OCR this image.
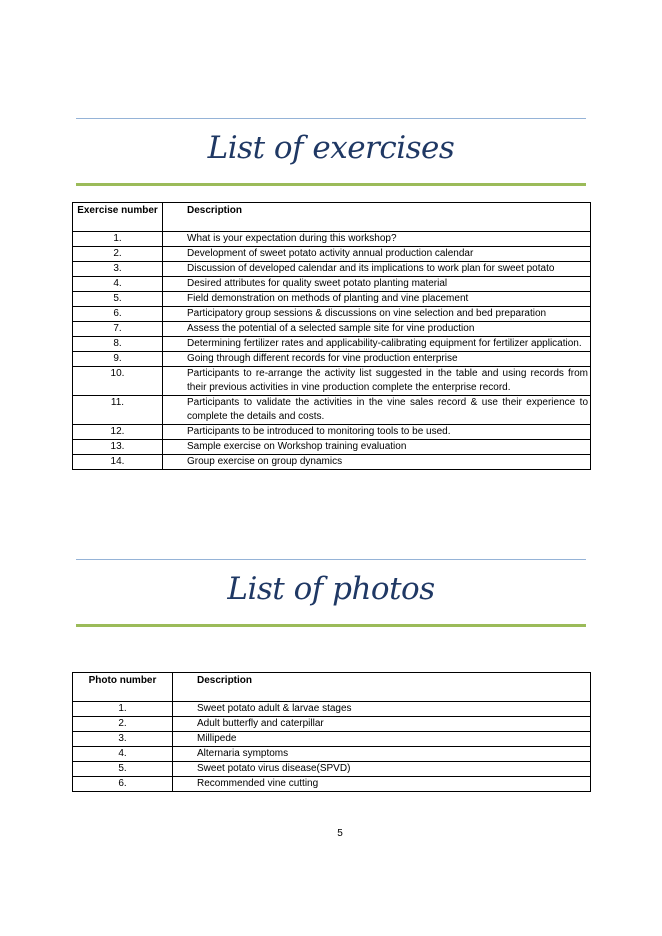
List of exercises
Exercise number	Description
1.	What is your expectation during this workshop?
2.	Development of sweet potato activity annual production calendar
3.	Discussion of developed calendar and its implications to work plan for sweet potato
4.	Desired attributes for quality sweet potato planting material
5.	Field demonstration on methods of planting and vine placement
6.	Participatory group sessions & discussions on vine selection and bed preparation
7.	Assess the potential of a selected sample site for vine production
8.	Determining fertilizer rates and applicability-calibrating equipment for fertilizer application.
9.	Going through different records for vine production enterprise
10.	Participants to re-arrange the activity list suggested in the table and using records from their previous activities in vine production complete the enterprise record.
11.	Participants to validate the activities in the vine sales record & use their experience to complete the details and costs.
12.	Participants to be introduced to monitoring tools to be used.
13.	Sample exercise on Workshop training evaluation
14.	Group exercise on group dynamics
List of photos
Photo number	Description
1.	Sweet potato adult & larvae stages
2.	Adult butterfly and caterpillar
3.	Millipede
4.	Alternaria symptoms
5.	Sweet potato virus disease(SPVD)
6.	Recommended vine cutting
5
